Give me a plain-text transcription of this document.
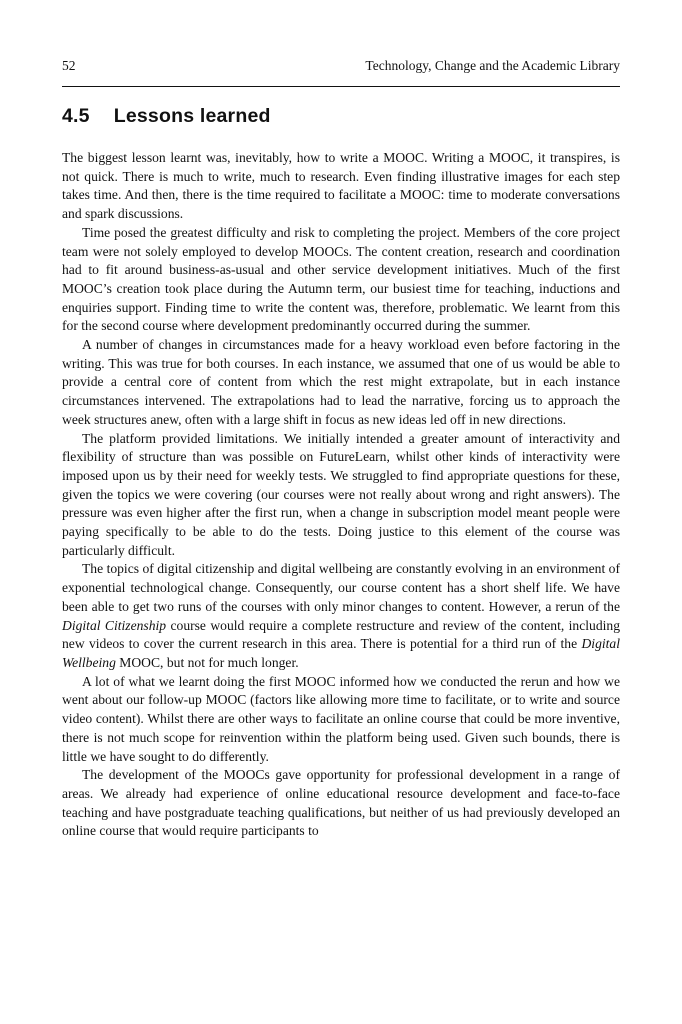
52	Technology, Change and the Academic Library
4.5 Lessons learned

The biggest lesson learnt was, inevitably, how to write a MOOC. Writing a MOOC, it transpires, is not quick. There is much to write, much to research. Even finding illustrative images for each step takes time. And then, there is the time required to facilitate a MOOC: time to moderate conversations and spark discussions.

Time posed the greatest difficulty and risk to completing the project. Members of the core project team were not solely employed to develop MOOCs. The content creation, research and coordination had to fit around business-as-usual and other service development initiatives. Much of the first MOOC’s creation took place during the Autumn term, our busiest time for teaching, inductions and enquiries support. Finding time to write the content was, therefore, problematic. We learnt from this for the second course where development predominantly occurred during the summer.

A number of changes in circumstances made for a heavy workload even before factoring in the writing. This was true for both courses. In each instance, we assumed that one of us would be able to provide a central core of content from which the rest might extrapolate, but in each instance circumstances intervened. The extrapolations had to lead the narrative, forcing us to approach the week structures anew, often with a large shift in focus as new ideas led off in new directions.

The platform provided limitations. We initially intended a greater amount of interactivity and flexibility of structure than was possible on FutureLearn, whilst other kinds of interactivity were imposed upon us by their need for weekly tests. We struggled to find appropriate questions for these, given the topics we were covering (our courses were not really about wrong and right answers). The pressure was even higher after the first run, when a change in subscription model meant people were paying specifically to be able to do the tests. Doing justice to this element of the course was particularly difficult.

The topics of digital citizenship and digital wellbeing are constantly evolving in an environment of exponential technological change. Consequently, our course content has a short shelf life. We have been able to get two runs of the courses with only minor changes to content. However, a rerun of the Digital Citizenship course would require a complete restructure and review of the content, including new videos to cover the current research in this area. There is potential for a third run of the Digital Wellbeing MOOC, but not for much longer.

A lot of what we learnt doing the first MOOC informed how we conducted the rerun and how we went about our follow-up MOOC (factors like allowing more time to facilitate, or to write and source video content). Whilst there are other ways to facilitate an online course that could be more inventive, there is not much scope for reinvention within the platform being used. Given such bounds, there is little we have sought to do differently.

The development of the MOOCs gave opportunity for professional development in a range of areas. We already had experience of online educational resource development and face-to-face teaching and have postgraduate teaching qualifications, but neither of us had previously developed an online course that would require participants to
